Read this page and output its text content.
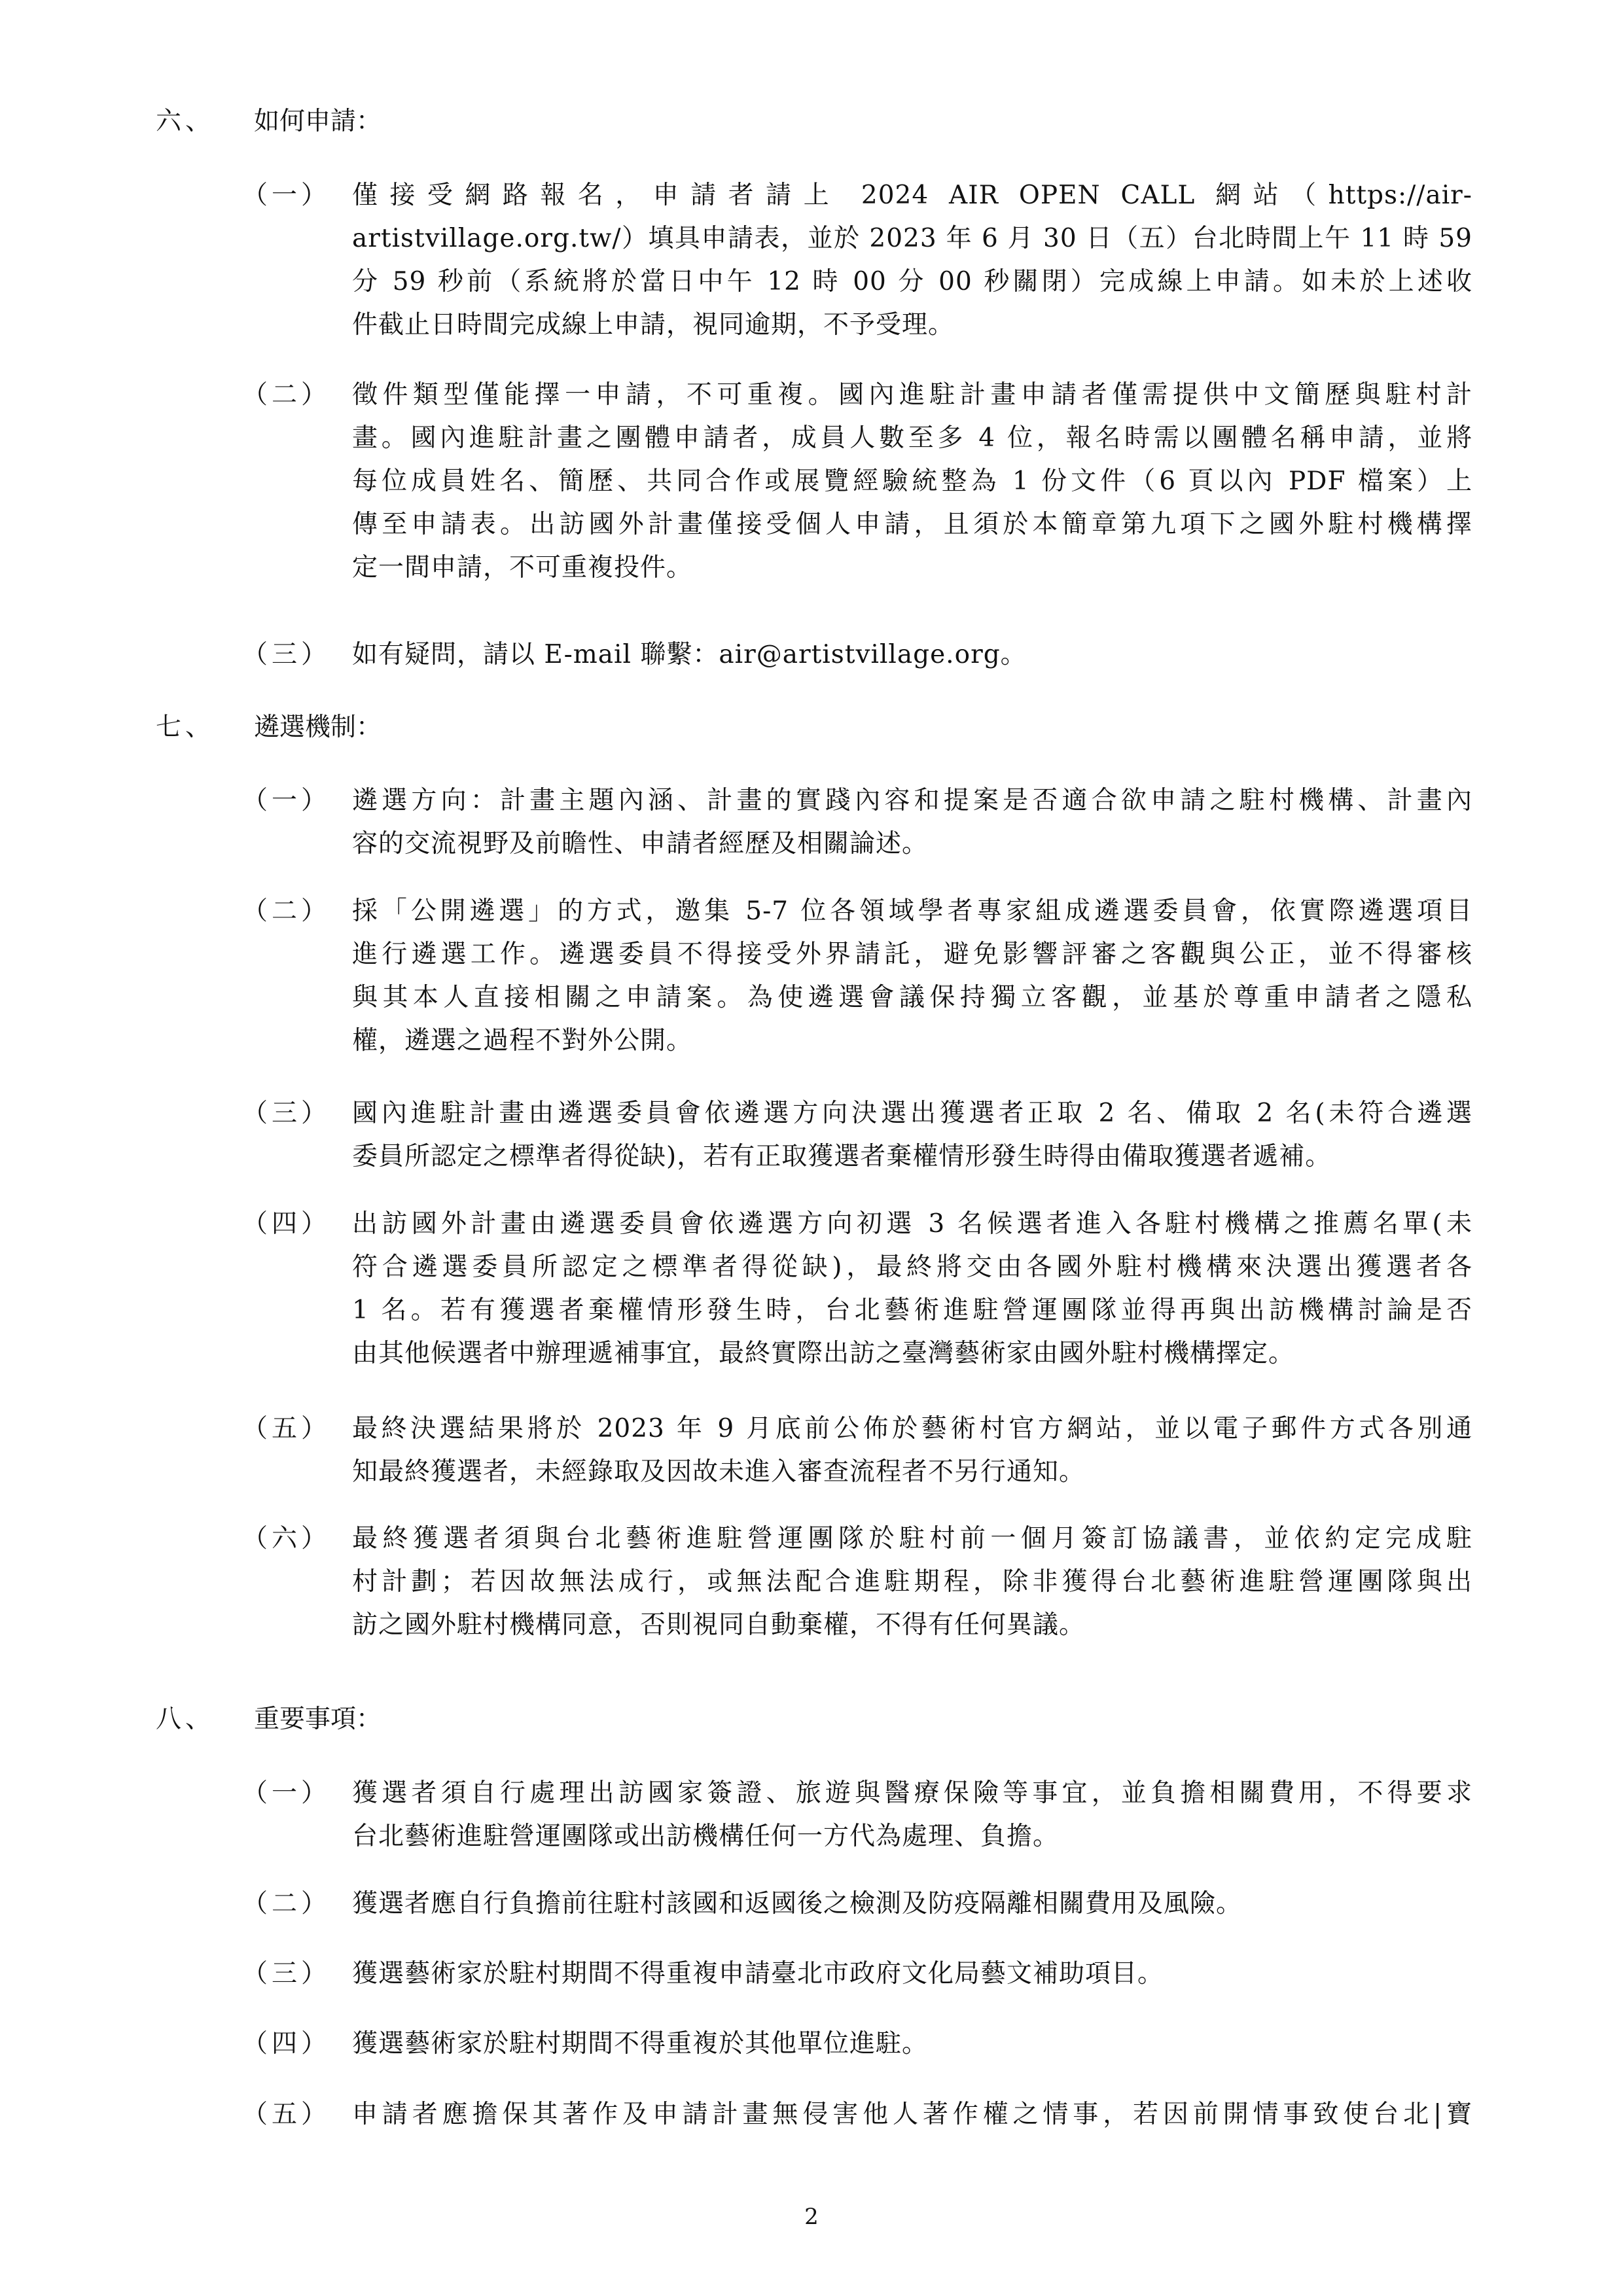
六、 如何申請：
（一） 僅接受網路報名，申請者請上 2024 AIR OPEN CALL 網站（https://air-
artistvillage.org.tw/）填具申請表，並於 2023 年 6 月 30 日（五）台北時間上午 11 時 59
分 59 秒前（系統將於當日中午 12 時 00 分 00 秒關閉）完成線上申請。如未於上述收
件截止日時間完成線上申請，視同逾期，不予受理。
（二） 徵件類型僅能擇一申請，不可重複。國內進駐計畫申請者僅需提供中文簡歷與駐村計
畫。國內進駐計畫之團體申請者，成員人數至多 4 位，報名時需以團體名稱申請，並將
每位成員姓名、簡歷、共同合作或展覽經驗統整為 1 份文件（6 頁以內 PDF 檔案）上
傳至申請表。出訪國外計畫僅接受個人申請，且須於本簡章第九項下之國外駐村機構擇
定一間申請，不可重複投件。
（三） 如有疑問，請以 E-mail 聯繫：air@artistvillage.org。
七、 遴選機制：
（一） 遴選方向：計畫主題內涵、計畫的實踐內容和提案是否適合欲申請之駐村機構、計畫內
容的交流視野及前瞻性、申請者經歷及相關論述。
（二） 採「公開遴選」的方式，邀集 5-7 位各領域學者專家組成遴選委員會，依實際遴選項目
進行遴選工作。遴選委員不得接受外界請託，避免影響評審之客觀與公正，並不得審核
與其本人直接相關之申請案。為使遴選會議保持獨立客觀，並基於尊重申請者之隱私
權，遴選之過程不對外公開。
（三） 國內進駐計畫由遴選委員會依遴選方向決選出獲選者正取 2 名、備取 2 名(未符合遴選
委員所認定之標準者得從缺)，若有正取獲選者棄權情形發生時得由備取獲選者遞補。
（四） 出訪國外計畫由遴選委員會依遴選方向初選 3 名候選者進入各駐村機構之推薦名單(未
符合遴選委員所認定之標準者得從缺)，最終將交由各國外駐村機構來決選出獲選者各
1 名。若有獲選者棄權情形發生時，台北藝術進駐營運團隊並得再與出訪機構討論是否
由其他候選者中辦理遞補事宜，最終實際出訪之臺灣藝術家由國外駐村機構擇定。
（五） 最終決選結果將於 2023 年 9 月底前公佈於藝術村官方網站，並以電子郵件方式各別通
知最終獲選者，未經錄取及因故未進入審查流程者不另行通知。
（六） 最終獲選者須與台北藝術進駐營運團隊於駐村前一個月簽訂協議書，並依約定完成駐
村計劃；若因故無法成行，或無法配合進駐期程，除非獲得台北藝術進駐營運團隊與出
訪之國外駐村機構同意，否則視同自動棄權，不得有任何異議。
八、 重要事項：
（一） 獲選者須自行處理出訪國家簽證、旅遊與醫療保險等事宜，並負擔相關費用，不得要求
台北藝術進駐營運團隊或出訪機構任何一方代為處理、負擔。
（二） 獲選者應自行負擔前往駐村該國和返國後之檢測及防疫隔離相關費用及風險。
（三） 獲選藝術家於駐村期間不得重複申請臺北市政府文化局藝文補助項目。
（四） 獲選藝術家於駐村期間不得重複於其他單位進駐。
（五） 申請者應擔保其著作及申請計畫無侵害他人著作權之情事，若因前開情事致使台北|寶
2
